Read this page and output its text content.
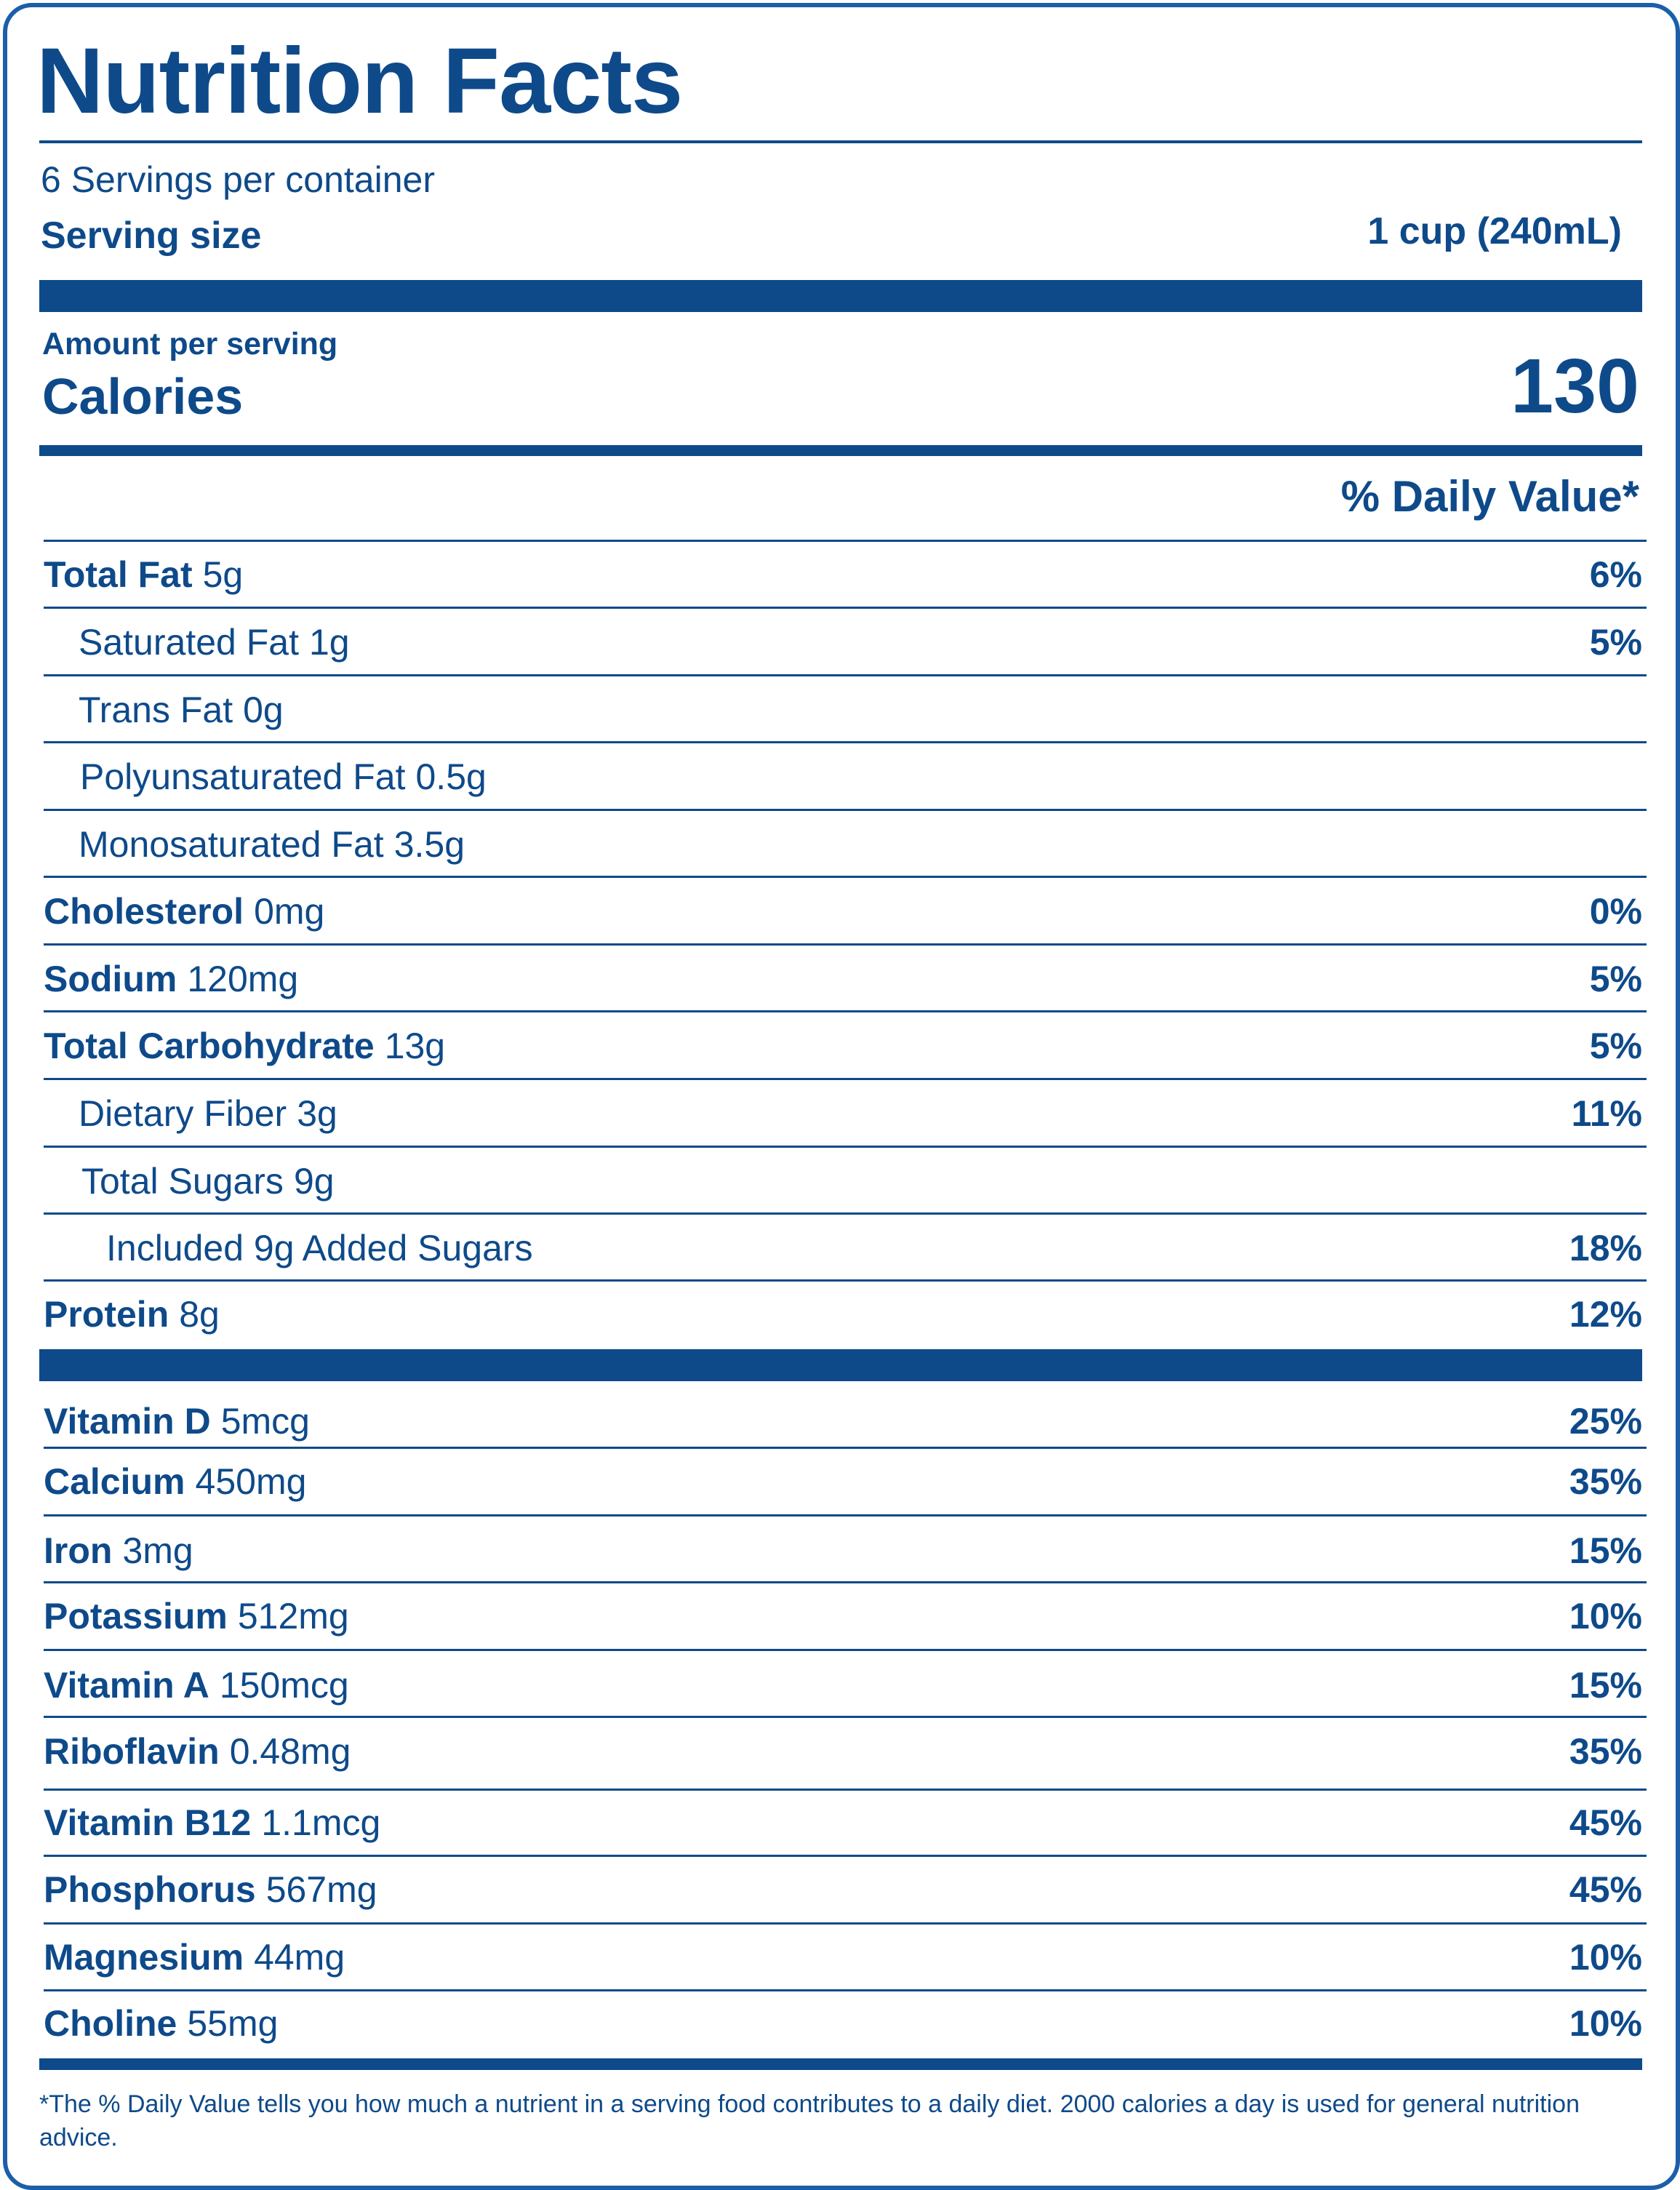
Nutrition Facts
6 Servings per container
Serving size	1 cup (240mL)
Amount per serving
Calories	130
% Daily Value*
Total Fat 5g	6%
Saturated Fat 1g	5%
Trans Fat 0g
Polyunsaturated Fat 0.5g
Monosaturated Fat 3.5g
Cholesterol 0mg	0%
Sodium 120mg	5%
Total Carbohydrate 13g	5%
Dietary Fiber 3g	11%
Total Sugars 9g
Included 9g Added Sugars	18%
Protein 8g	12%
Vitamin D 5mcg	25%
Calcium 450mg	35%
Iron 3mg	15%
Potassium 512mg	10%
Vitamin A 150mcg	15%
Riboflavin 0.48mg	35%
Vitamin B12 1.1mcg	45%
Phosphorus 567mg	45%
Magnesium 44mg	10%
Choline 55mg	10%
*The % Daily Value tells you how much a nutrient in a serving food contributes to a daily diet. 2000 calories a day is used for general nutrition advice.
